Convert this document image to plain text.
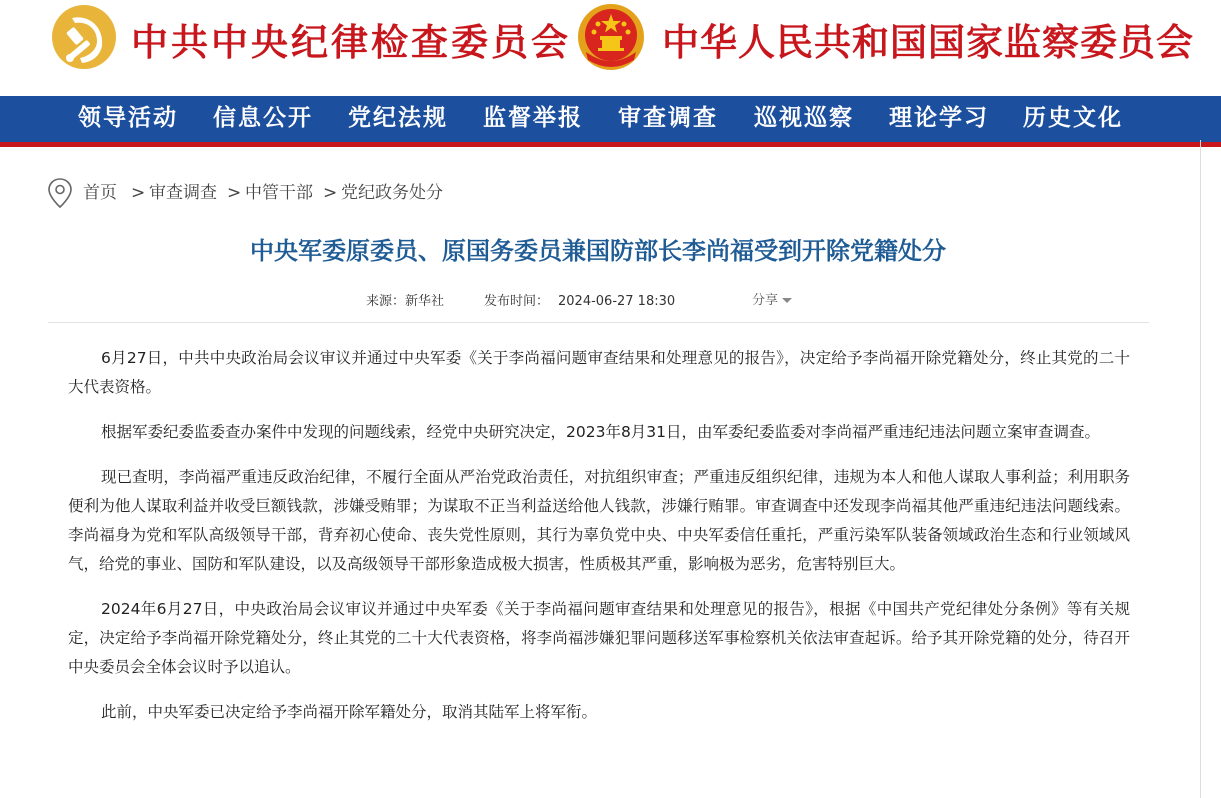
中共中央纪律检查委员会 中华人民共和国国家监察委员会
领导活动 信息公开 党纪法规 监督举报 审查调查 巡视巡察 理论学习 历史文化
首页 > 审查调查 > 中管干部 > 党纪政务处分
中央军委原委员、原国务委员兼国防部长李尚福受到开除党籍处分
来源：新华社	发布时间： 2024-06-27 18:30	分享

6月27日，中共中央政治局会议审议并通过中央军委《关于李尚福问题审查结果和处理意见的报告》，决定给予李尚福开除党籍处分，终止其党的二十大代表资格。

根据军委纪委监委查办案件中发现的问题线索，经党中央研究决定，2023年8月31日，由军委纪委监委对李尚福严重违纪违法问题立案审查调查。

现已查明，李尚福严重违反政治纪律，不履行全面从严治党政治责任，对抗组织审查；严重违反组织纪律，违规为本人和他人谋取人事利益；利用职务便利为他人谋取利益并收受巨额钱款，涉嫌受贿罪；为谋取不正当利益送给他人钱款，涉嫌行贿罪。审查调查中还发现李尚福其他严重违纪违法问题线索。李尚福身为党和军队高级领导干部，背弃初心使命、丧失党性原则，其行为辜负党中央、中央军委信任重托，严重污染军队装备领域政治生态和行业领域风气，给党的事业、国防和军队建设，以及高级领导干部形象造成极大损害，性质极其严重，影响极为恶劣，危害特别巨大。

2024年6月27日，中央政治局会议审议并通过中央军委《关于李尚福问题审查结果和处理意见的报告》，根据《中国共产党纪律处分条例》等有关规定，决定给予李尚福开除党籍处分，终止其党的二十大代表资格，将李尚福涉嫌犯罪问题移送军事检察机关依法审查起诉。给予其开除党籍的处分，待召开中央委员会全体会议时予以追认。

此前，中央军委已决定给予李尚福开除军籍处分，取消其陆军上将军衔。
